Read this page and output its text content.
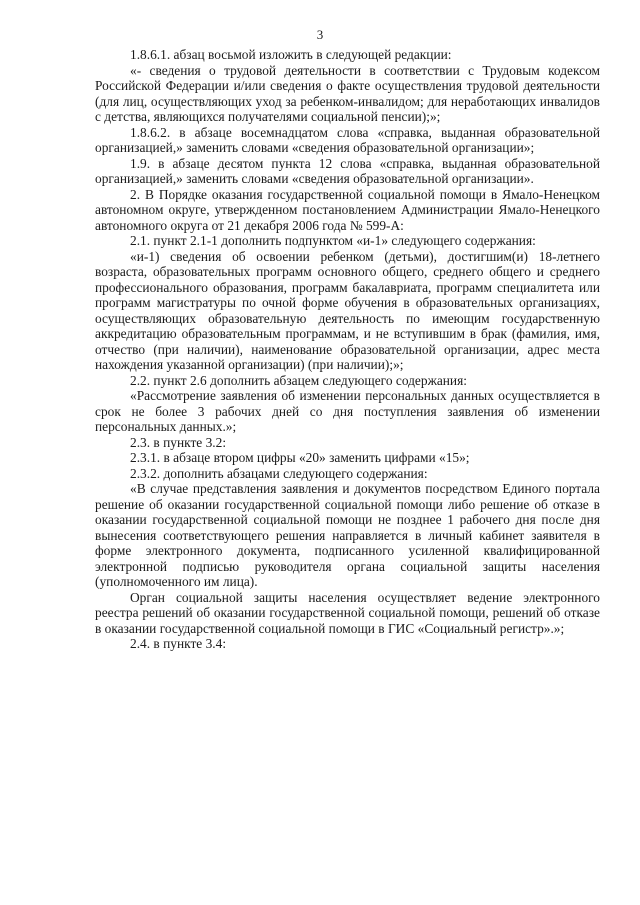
3

1.8.6.1. абзац восьмой изложить в следующей редакции:

«- сведения о трудовой деятельности в соответствии с Трудовым кодексом Российской Федерации и/или сведения о факте осуществления трудовой деятельности (для лиц, осуществляющих уход за ребенком-инвалидом; для неработающих инвалидов с детства, являющихся получателями социальной пенсии);»;

1.8.6.2. в абзаце восемнадцатом слова «справка, выданная образовательной организацией,» заменить словами «сведения образовательной организации»;

1.9. в абзаце десятом пункта 12 слова «справка, выданная образовательной организацией,» заменить словами «сведения образовательной организации».

2. В Порядке оказания государственной социальной помощи в Ямало-Ненецком автономном округе, утвержденном постановлением Администрации Ямало-Ненецкого автономного округа от 21 декабря 2006 года № 599-А:

2.1. пункт 2.1-1 дополнить подпунктом «и-1» следующего содержания:

«и-1) сведения об освоении ребенком (детьми), достигшим(и) 18-летнего возраста, образовательных программ основного общего, среднего общего и среднего профессионального образования, программ бакалавриата, программ специалитета или программ магистратуры по очной форме обучения в образовательных организациях, осуществляющих образовательную деятельность по имеющим государственную аккредитацию образовательным программам, и не вступившим в брак (фамилия, имя, отчество (при наличии), наименование образовательной организации, адрес места нахождения указанной организации) (при наличии);»;

2.2. пункт 2.6 дополнить абзацем следующего содержания:

«Рассмотрение заявления об изменении персональных данных осуществляется в срок не более 3 рабочих дней со дня поступления заявления об изменении персональных данных.»;

2.3. в пункте 3.2:

2.3.1. в абзаце втором цифры «20» заменить цифрами «15»;

2.3.2. дополнить абзацами следующего содержания:

«В случае представления заявления и документов посредством Единого портала решение об оказании государственной социальной помощи либо решение об отказе в оказании государственной социальной помощи не позднее 1 рабочего дня после дня вынесения соответствующего решения направляется в личный кабинет заявителя в форме электронного документа, подписанного усиленной квалифицированной электронной подписью руководителя органа социальной защиты населения (уполномоченного им лица).

Орган социальной защиты населения осуществляет ведение электронного реестра решений об оказании государственной социальной помощи, решений об отказе в оказании государственной социальной помощи в ГИС «Социальный регистр».»;

2.4. в пункте 3.4:
